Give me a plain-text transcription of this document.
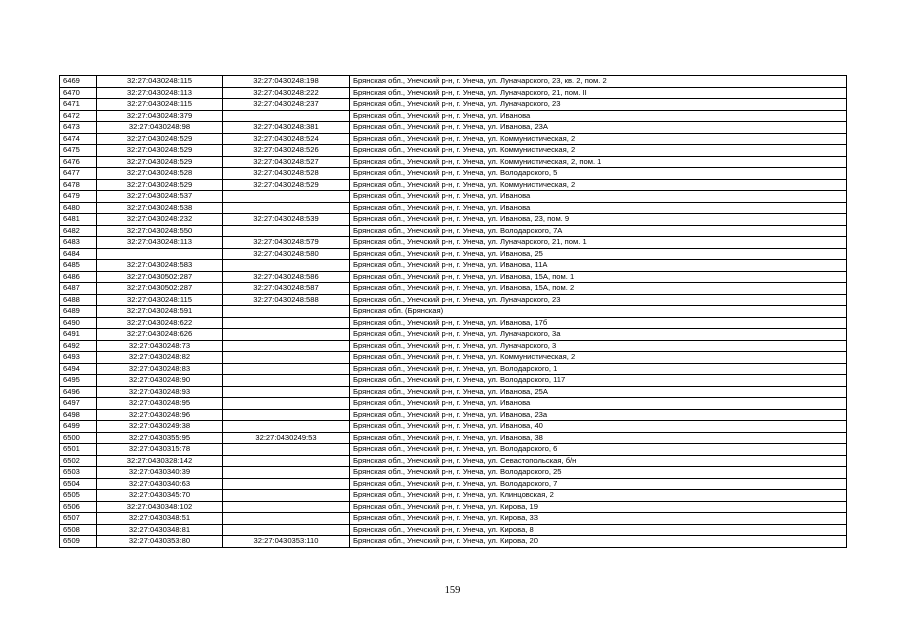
6469	32:27:0430248:115	32:27:0430248:198	Брянская обл., Унечский р-н, г. Унеча, ул. Луначарского, 23, кв. 2, пом. 2
6470	32:27:0430248:113	32:27:0430248:222	Брянская обл., Унечский р-н, г. Унеча, ул. Луначарского, 21, пом. II
6471	32:27:0430248:115	32:27:0430248:237	Брянская обл., Унечский р-н, г. Унеча, ул. Луначарского, 23
6472	32:27:0430248:379		Брянская обл., Унечский р-н, г. Унеча, ул. Иванова
6473	32:27:0430248:98	32:27:0430248:381	Брянская обл., Унечский р-н, г. Унеча, ул. Иванова, 23А
6474	32:27:0430248:529	32:27:0430248:524	Брянская обл., Унечский р-н, г. Унеча, ул. Коммунистическая, 2
6475	32:27:0430248:529	32:27:0430248:526	Брянская обл., Унечский р-н, г. Унеча, ул. Коммунистическая, 2
6476	32:27:0430248:529	32:27:0430248:527	Брянская обл., Унечский р-н, г. Унеча, ул. Коммунистическая, 2, пом. 1
6477	32:27:0430248:528	32:27:0430248:528	Брянская обл., Унечский р-н, г. Унеча, ул. Володарского, 5
6478	32:27:0430248:529	32:27:0430248:529	Брянская обл., Унечский р-н, г. Унеча, ул. Коммунистическая, 2
6479	32:27:0430248:537		Брянская обл., Унечский р-н, г. Унеча, ул. Иванова
6480	32:27:0430248:538		Брянская обл., Унечский р-н, г. Унеча, ул. Иванова
6481	32:27:0430248:232	32:27:0430248:539	Брянская обл., Унечский р-н, г. Унеча, ул. Иванова, 23, пом. 9
6482	32:27:0430248:550		Брянская обл., Унечский р-н, г. Унеча, ул. Володарского, 7А
6483	32:27:0430248:113	32:27:0430248:579	Брянская обл., Унечский р-н, г. Унеча, ул. Луначарского, 21, пом. 1
6484		32:27:0430248:580	Брянская обл., Унечский р-н, г. Унеча, ул. Иванова, 25
6485	32:27:0430248:583		Брянская обл., Унечский р-н, г. Унеча, ул. Иванова, 11А
6486	32:27:0430502:287	32:27:0430248:586	Брянская обл., Унечский р-н, г. Унеча, ул. Иванова, 15А, пом. 1
6487	32:27:0430502:287	32:27:0430248:587	Брянская обл., Унечский р-н, г. Унеча, ул. Иванова, 15А, пом. 2
6488	32:27:0430248:115	32:27:0430248:588	Брянская обл., Унечский р-н, г. Унеча, ул. Луначарского, 23
6489	32:27:0430248:591		Брянская обл. (Брянская)
6490	32:27:0430248:622		Брянская обл., Унечский р-н, г. Унеча, ул. Иванова, 17б
6491	32:27:0430248:626		Брянская обл., Унечский р-н, г. Унеча, ул. Луначарского, 3а
6492	32:27:0430248:73		Брянская обл., Унечский р-н, г. Унеча, ул. Луначарского, 3
6493	32:27:0430248:82		Брянская обл., Унечский р-н, г. Унеча, ул. Коммунистическая, 2
6494	32:27:0430248:83		Брянская обл., Унечский р-н, г. Унеча, ул. Володарского, 1
6495	32:27:0430248:90		Брянская обл., Унечский р-н, г. Унеча, ул. Володарского, 117
6496	32:27:0430248:93		Брянская обл., Унечский р-н, г. Унеча, ул. Иванова, 25А
6497	32:27:0430248:95		Брянская обл., Унечский р-н, г. Унеча, ул. Иванова
6498	32:27:0430248:96		Брянская обл., Унечский р-н, г. Унеча, ул. Иванова, 23а
6499	32:27:0430249:38		Брянская обл., Унечский р-н, г. Унеча, ул. Иванова, 40
6500	32:27:0430355:95	32:27:0430249:53	Брянская обл., Унечский р-н, г. Унеча, ул. Иванова, 38
6501	32:27:0430315:78		Брянская обл., Унечский р-н, г. Унеча, ул. Володарского, 6
6502	32:27:0430328:142		Брянская обл., Унечский р-н, г. Унеча, ул. Севастопольская, б/н
6503	32:27:0430340:39		Брянская обл., Унечский р-н, г. Унеча, ул. Володарского, 25
6504	32:27:0430340:63		Брянская обл., Унечский р-н, г. Унеча, ул. Володарского, 7
6505	32:27:0430345:70		Брянская обл., Унечский р-н, г. Унеча, ул. Клинцовская, 2
6506	32:27:0430348:102		Брянская обл., Унечский р-н, г. Унеча, ул. Кирова, 19
6507	32:27:0430348:51		Брянская обл., Унечский р-н, г. Унеча, ул. Кирова, 33
6508	32:27:0430348:81		Брянская обл., Унечский р-н, г. Унеча, ул. Кирова, 8
6509	32:27:0430353:80	32:27:0430353:110	Брянская обл., Унечский р-н, г. Унеча, ул. Кирова, 20
159
